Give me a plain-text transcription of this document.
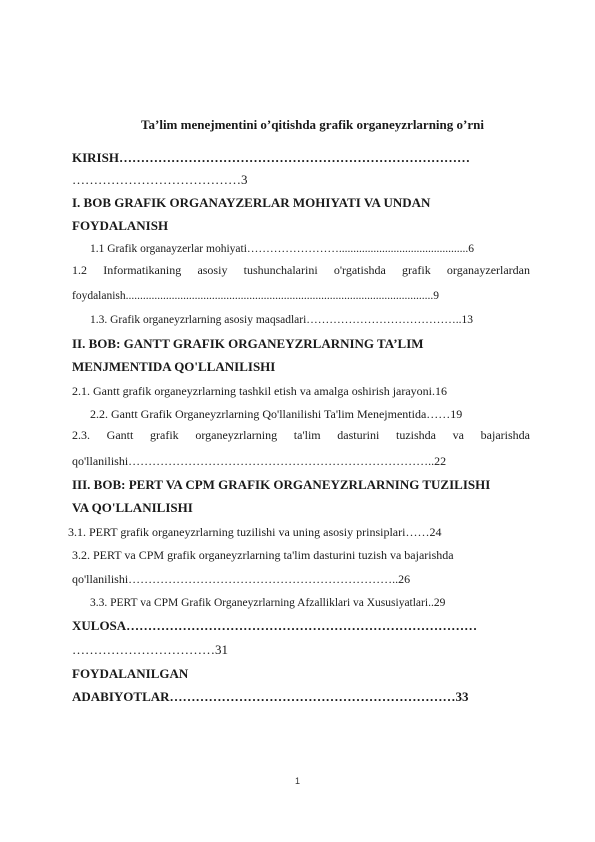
Ta’lim menejmentini o’qitishda grafik organeyzrlarning o’rni
KIRISH………………………………………………………………………
…………………………………3
I. BOB GRAFIK ORGANAYZERLAR MOHIYATI VA UNDAN
FOYDALANISH
1.1 Grafik organayzerlar mohiyati…………………….............................................6
1.2 Informatikaning asosiy tushunchalarini o'rgatishda grafik organayzerlardan
foydalanish...........................................................................................................9
1.3. Grafik organeyzrlarning asosiy maqsadlari…………………………………..13
II. BOB: GANTT GRAFIK ORGANEYZRLARNING TA’LIM
MENJMENTIDA QO'LLANILISHI
2.1. Gantt grafik organeyzrlarning tashkil etish va amalga oshirish jarayoni.16
2.2. Gantt Grafik Organeyzrlarning Qo'llanilishi Ta'lim Menejmentida……19
2.3. Gantt grafik organeyzrlarning ta'lim dasturini tuzishda va bajarishda
qo'llanilishi…………………………………………………………………..22
III. BOB: PERT VA CPM GRAFIK ORGANEYZRLARNING TUZILISHI
VA QO'LLANILISHI
3.1. PERT grafik organeyzrlarning tuzilishi va uning asosiy prinsiplari……24
3.2. PERT va CPM grafik organeyzrlarning ta'lim dasturini tuzish va bajarishda
qo'llanilishi…………………………………………………………..26
3.3. PERT va CPM Grafik Organeyzrlarning Afzalliklari va Xususiyatlari..29
XULOSA………………………………………………………………………
……………………………31
FOYDALANILGAN
ADABIYOTLAR…………………………………………………………33
1
